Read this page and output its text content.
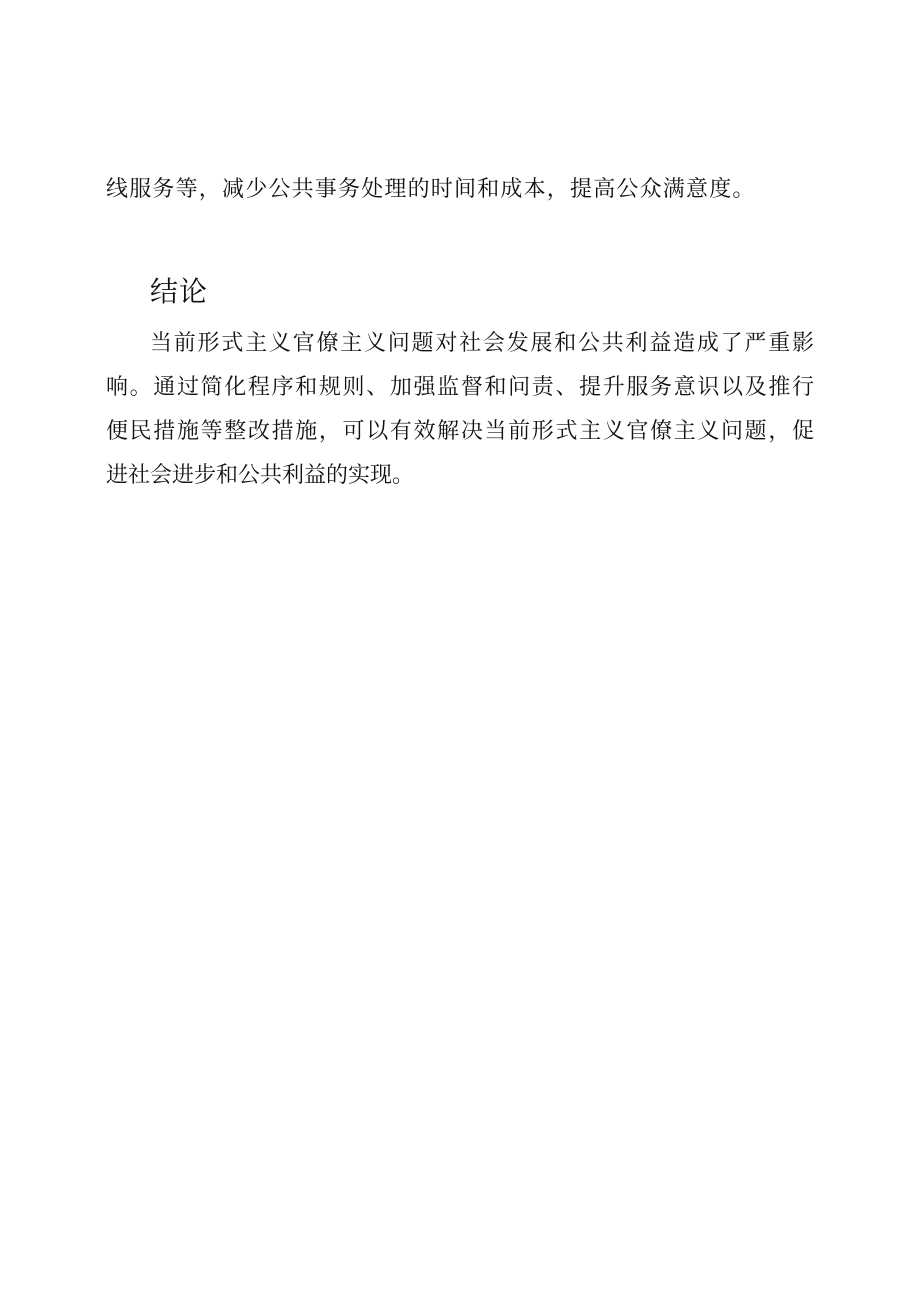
线服务等，减少公共事务处理的时间和成本，提高公众满意度。

结论

当前形式主义官僚主义问题对社会发展和公共利益造成了严重影
响。通过简化程序和规则、加强监督和问责、提升服务意识以及推行
便民措施等整改措施，可以有效解决当前形式主义官僚主义问题，促
进社会进步和公共利益的实现。
